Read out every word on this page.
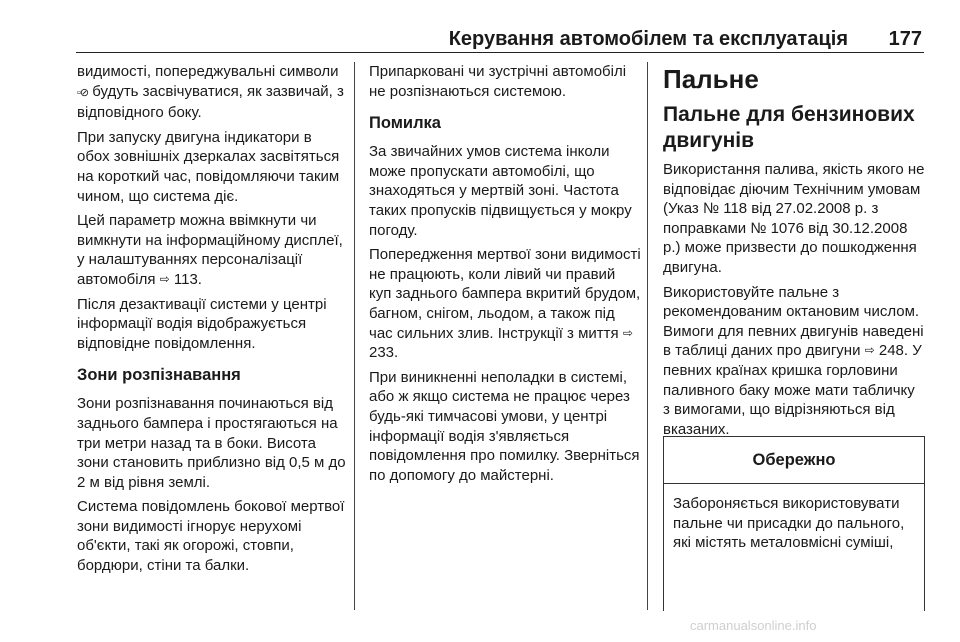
Керування автомобілем та експлуатація 177

видимості, попереджувальні символи ▫⊘ будуть засвічуватися, як зазвичай, з відповідного боку.

При запуску двигуна індикатори в обох зовнішніх дзеркалах засвітяться на короткий час, повідомляючи таким чином, що система діє.

Цей параметр можна ввімкнути чи вимкнути на інформаційному дисплеї, у налаштуваннях персоналізації автомобіля ⇨ 113.

Після дезактивації системи у центрі інформації водія відображується відповідне повідомлення.

Зони розпізнавання

Зони розпізнавання починаються від заднього бампера і простягаються на три метри назад та в боки. Висота зони становить приблизно від 0,5 м до 2 м від рівня землі.

Система повідомлень бокової мертвої зони видимості ігнорує нерухомі об'єкти, такі як огорожі, стовпи, бордюри, стіни та балки.

Припарковані чи зустрічні автомобілі не розпізнаються системою.

Помилка

За звичайних умов система інколи може пропускати автомобілі, що знаходяться у мертвій зоні. Частота таких пропусків підвищується у мокру погоду.

Попередження мертвої зони видимості не працюють, коли лівий чи правий куп заднього бампера вкритий брудом, багном, снігом, льодом, а також під час сильних злив. Інструкції з миття ⇨ 233.

При виникненні неполадки в системі, або ж якщо система не працює через будь-які тимчасові умови, у центрі інформації водія з'являється повідомлення про помилку. Зверніться по допомогу до майстерні.

Пальне
Пальне для бензинових двигунів

Використання палива, якість якого не відповідає діючим Технічним умовам (Указ № 118 від 27.02.2008 р. з поправками № 1076 від 30.12.2008 р.) може призвести до пошкодження двигуна.

Використовуйте пальне з рекомендованим октановим числом. Вимоги для певних двигунів наведені в таблиці даних про двигуни ⇨ 248. У певних країнах кришка горловини паливного баку може мати табличку з вимогами, що відрізняються від вказаних.

Обережно
Забороняється використовувати пальне чи присадки до пального, які містять металовмісні суміші,
carmanualsonline.info
